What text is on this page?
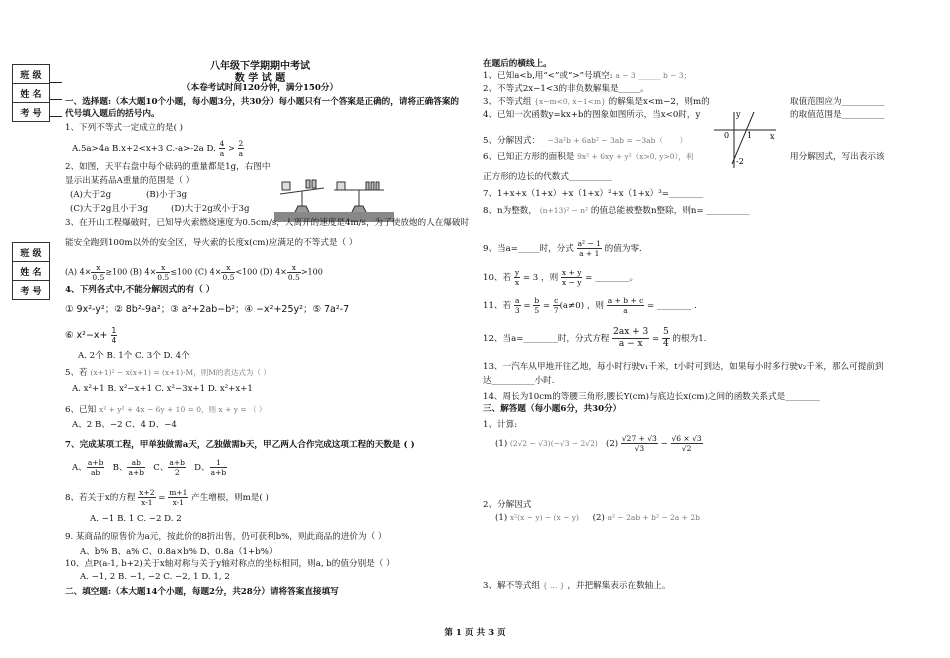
八年级下学期期中考试
数 学 试 题
（本卷考试时间120分钟，满分150分）
班 级
姓 名
考 号
班 级
姓 名
考 号
一、选择题:（本大题10个小题，每小题3分，共30分）每小题只有一个答案是正确的，请将正确答案的
代号填入题后的括号内。
1、下列不等式一定成立的是( )
A.5a>4a B.x+2<x+3 C.-a>-2a D. $\frac{4}{a} > \frac{2}{a}$
2、如图，天平右盘中每个砝码的重量都是1g，右图中
显示出某药品A重量的范围是（ ）
(A)大于2g	(B)小于3g
(C)大于2g且小于3g	(D)大于2g或小于3g
3、在开山工程爆破时，已知导火索燃烧速度为0.5cm/s，人离开的速度是4m/s，为了使放炮的人在爆破时
能安全跑到100m以外的安全区，导火索的长度x(cm)应满足的不等式是（ ）
(A) $4\times \frac{x}{0.5} \ge 100$ (B) $4\times \frac{x}{0.5} \le 100$ (C) $4\times \frac{x}{0.5} <100$ (D) $4\times \frac{x}{0.5} >100$
4、下列各式中,不能分解因式的有（ ）
① 9x²-y²；② 8b²-9a²；③ a²+2ab−b²；④ −x²+25y²；⑤ 7a²-7
⑥ $x^2-x+ \frac{1}{4}$
A. 2个 B. 1个 C. 3个 D. 4个
5、若 (x+1)² − x(x+1) = (x+1)·M，则M的表达式为（ ）
A. x²+1 B. x²−x+1 C. x²−3x+1 D. x²+x+1
6、已知 x² + y² + 4x − 6y + 10 = 0，则 x + y = （ ）
A、2 B、−2 C、4 D、−4
7、完成某项工程，甲单独做需a天，乙独做需b天，甲乙两人合作完成这项工程的天数是 ( )
A、 $\frac{a+b}{ab}$ B、 $\frac{ab}{a+b}$ C、 $\frac{a+b}{2}$ D、 $\frac{1}{a+b}$
8、若关于x的方程 $\frac{x+2}{x-1} = \frac{m+1}{x-1}$ 产生增根，则m是( )
A. −1 B. 1 C. −2 D. 2
9. 某商品的原售价为a元，按此价的8折出售，仍可获利b%，则此商品的进价为（ ）
A、b% B、a% C、0.8a×b% D、0.8a（1+b%）
10、点P(a-1, b+2)关于x轴对称与关于y轴对称点的坐标相同，则a, b的值分别是（ ）
A. −1, 2 B. −1, −2 C. −2, 1 D. 1, 2
二、填空题:（本大题14个小题，每题2分，共28分）请将答案直接填写
在题后的横线上。
1、已知a<b,用“<”或“>”号填空: a − 3 ______ b − 3；
2、不等式2x−1<3的非负数解集是_____。
3、不等式组 {x−m<0, x−1<m} 的解集是x<m−2，则m的	取值范围应为__________
4、已知一次函数y=kx+b的图象如图所示，当x<0时，y	的取值范围是__________
y
x
0 1
-2
5、分解因式：   −3a²b + 6ab² − 3ab = −3ab（       ）
6、已知正方形的面积是 9x² + 6xy + y²（x>0, y>0），利	用分解因式，写出表示该
正方形的边长的代数式__________
7、1+x+x（1+x）+x（1+x）²+x（1+x）³=________
8、n为整数， (n+13)² − n² 的值总能被整数n整除，则n= __________
9、当a=_____时，分式 $\frac{\text{a² − 1}}{a + 1}$ 的值为零.
10、若 $\frac{y}{x} = 3$ ，则 $\frac{x + y}{x - y}$ = ________。
11、若 $\frac{a}{3} = \frac{b}{5} = \frac{c}{7} (a\ne 0)$ ，则 $\frac{a + b + c}{a}$ = ________ .
12、当a=________时，分式方程 $\frac{2ax + 3}{a - x} = \frac{5}{4}$ 的根为1.
13、一汽车从甲地开往乙地，每小时行驶v₁千米，t小时可到达，如果每小时多行驶v₂千米，那么可提前到
达__________小时.
14、周长为10cm的等腰三角形,腰长Y(cm)与底边长x(cm)之间的函数关系式是________
三、解答题（每小题6分，共30分）
1、计算:
(1) (2√2 − √3)(−√3 − 2√2) $(2) \frac{√27 + √3}{√3} - \frac{√6 \times √3}{√2}$
2、分解因式
(1) x²(x − y) − (x − y) (2) a² − 2ab + b² − 2a + 2b
3、解不等式组 { … } ，并把解集表示在数轴上。
第 1 页 共 3 页
